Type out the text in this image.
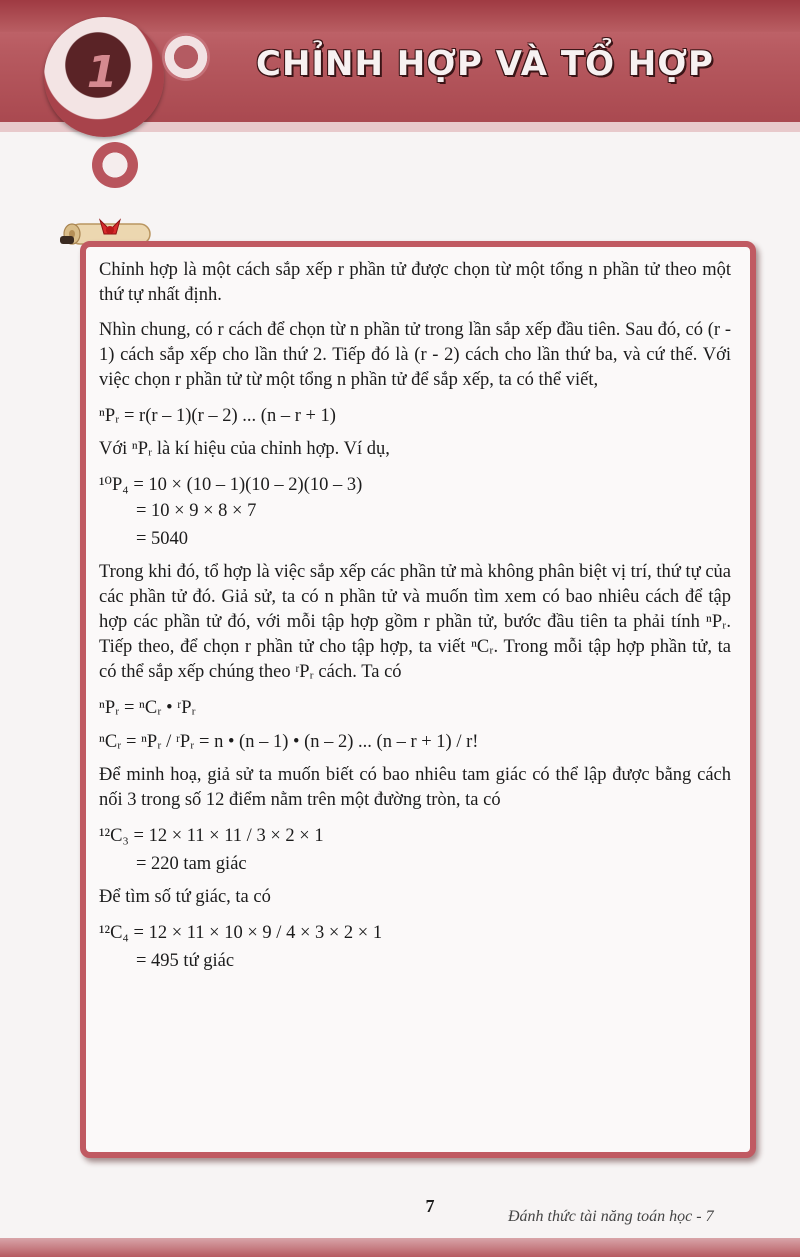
1	CHỈNH HỢP VÀ TỔ HỢP

Chỉnh hợp là một cách sắp xếp r phần tử được chọn từ một tổng n phần tử theo một thứ tự nhất định.

Nhìn chung, có r cách để chọn từ n phần tử trong lần sắp xếp đầu tiên. Sau đó, có (r - 1) cách sắp xếp cho lần thứ 2. Tiếp đó là (r - 2) cách cho lần thứ ba, và cứ thế. Với việc chọn r phần tử từ một tổng n phần tử để sắp xếp, ta có thể viết,

ⁿPᵣ = r(r – 1)(r – 2) ... (n – r + 1)

Với ⁿPᵣ là kí hiệu của chỉnh hợp. Ví dụ,

¹⁰P₄ = 10 × (10 – 1)(10 – 2)(10 – 3)
= 10 × 9 × 8 × 7
= 5040

Trong khi đó, tổ hợp là việc sắp xếp các phần tử mà không phân biệt vị trí, thứ tự của các phần tử đó. Giả sử, ta có n phần tử và muốn tìm xem có bao nhiêu cách để tập hợp các phần tử đó, với mỗi tập hợp gồm r phần tử, bước đầu tiên ta phải tính ⁿPᵣ. Tiếp theo, để chọn r phần tử cho tập hợp, ta viết ⁿCᵣ. Trong mỗi tập hợp phần tử, ta có thể sắp xếp chúng theo ʳPᵣ cách. Ta có

ⁿPᵣ = ⁿCᵣ • ʳPᵣ
ⁿCᵣ = ⁿPᵣ / ʳPᵣ = n • (n – 1) • (n – 2) ... (n – r + 1) / r!

Để minh hoạ, giả sử ta muốn biết có bao nhiêu tam giác có thể lập được bằng cách nối 3 trong số 12 điểm nằm trên một đường tròn, ta có

¹²C₃ = 12 × 11 × 11 / 3 × 2 × 1
= 220 tam giác

Để tìm số tứ giác, ta có

¹²C₄ = 12 × 11 × 10 × 9 / 4 × 3 × 2 × 1
= 495 tứ giác
7
Đánh thức tài năng toán học - 7
